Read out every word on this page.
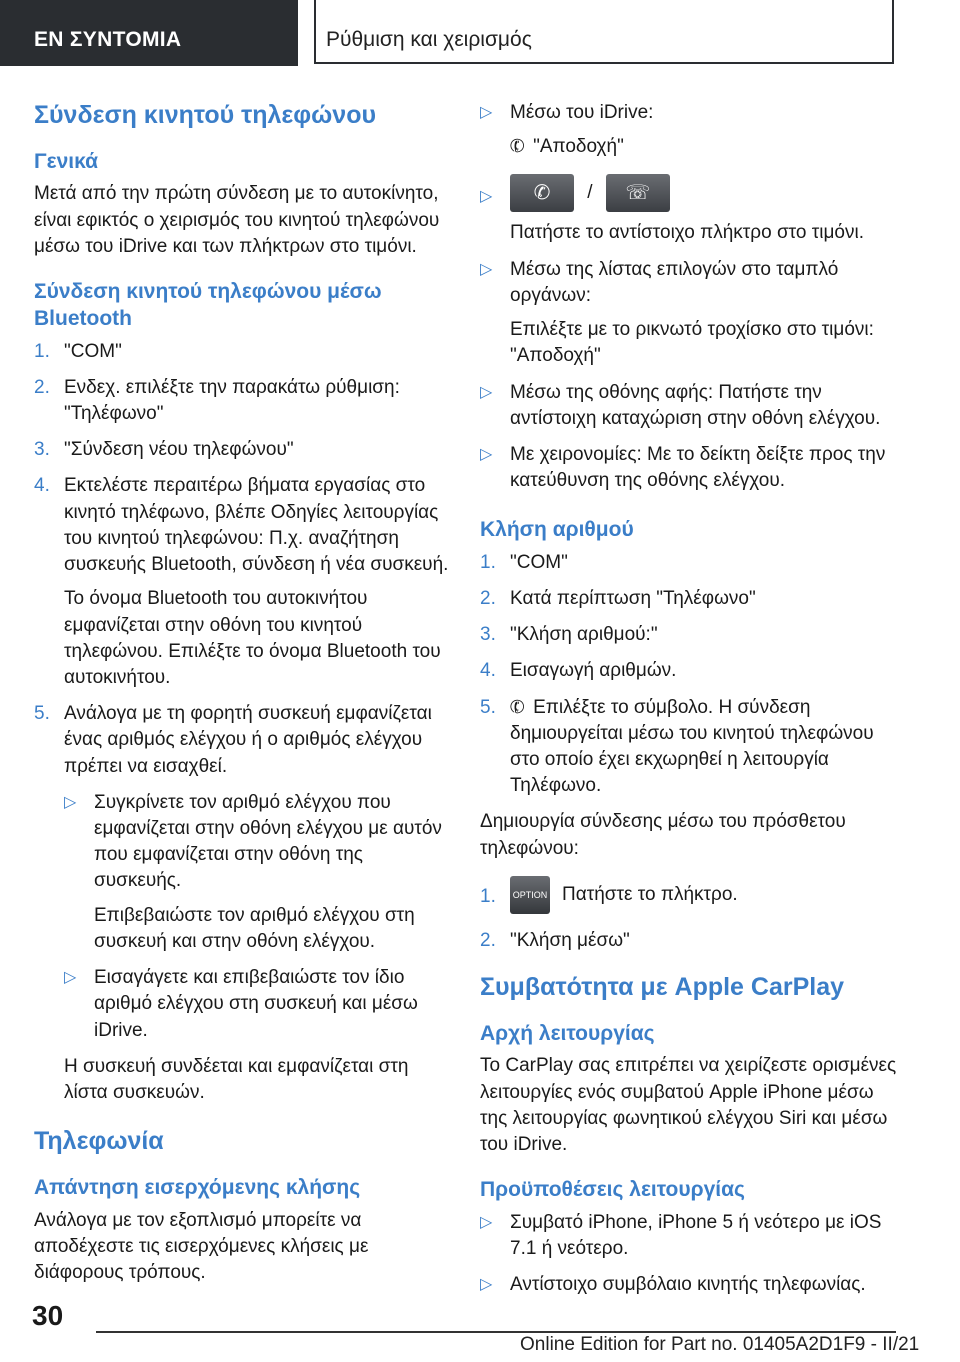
ΕΝ ΣΥΝΤΟΜΙΑ	Ρύθμιση και χειρισμός
Σύνδεση κινητού τηλεφώνου
Γενικά

Μετά από την πρώτη σύνδεση με το αυτοκίνητο, είναι εφικτός ο χειρισμός του κινητού τηλεφώνου μέσω του iDrive και των πλήκτρων στο τιμόνι.

Σύνδεση κινητού τηλεφώνου μέσω Bluetooth
1. "COM"
2. Ενδεχ. επιλέξτε την παρακάτω ρύθμιση: "Τηλέφωνο"
3. "Σύνδεση νέου τηλεφώνου"
4. Εκτελέστε περαιτέρω βήματα εργασίας στο κινητό τηλέφωνο, βλέπε Οδηγίες λειτουργίας του κινητού τηλεφώνου: Π.χ. αναζήτηση συσκευής Bluetooth, σύνδεση ή νέα συσκευή.
Το όνομα Bluetooth του αυτοκινήτου εμφανίζεται στην οθόνη του κινητού τηλεφώνου. Επιλέξτε το όνομα Bluetooth του αυτοκινήτου.
5. Ανάλογα με τη φορητή συσκευή εμφανίζεται ένας αριθμός ελέγχου ή ο αριθμός ελέγχου πρέπει να εισαχθεί.
▷ Συγκρίνετε τον αριθμό ελέγχου που εμφανίζεται στην οθόνη ελέγχου με αυτόν που εμφανίζεται στην οθόνη της συσκευής.
Επιβεβαιώστε τον αριθμό ελέγχου στη συσκευή και στην οθόνη ελέγχου.
▷ Εισαγάγετε και επιβεβαιώστε τον ίδιο αριθμό ελέγχου στη συσκευή και μέσω iDrive.
Η συσκευή συνδέεται και εμφανίζεται στη λίστα συσκευών.
Τηλεφωνία
Απάντηση εισερχόμενης κλήσης

Ανάλογα με τον εξοπλισμό μπορείτε να αποδέχεστε τις εισερχόμενες κλήσεις με διάφορους τρόπους.

▷ Μέσω του iDrive:
✆ "Αποδοχή"
▷ ✆ / ☏
Πατήστε το αντίστοιχο πλήκτρο στο τιμόνι.
▷ Μέσω της λίστας επιλογών στο ταμπλό οργάνων:
Επιλέξτε με το ρικνωτό τροχίσκο στο τιμόνι: "Αποδοχή"
▷ Μέσω της οθόνης αφής: Πατήστε την αντίστοιχη καταχώριση στην οθόνη ελέγχου.
▷ Με χειρονομίες: Με το δείκτη δείξτε προς την κατεύθυνση της οθόνης ελέγχου.
Κλήση αριθμού
1. "COM"
2. Κατά περίπτωση "Τηλέφωνο"
3. "Κλήση αριθμού:"
4. Εισαγωγή αριθμών.
5. ✆ Επιλέξτε το σύμβολο. Η σύνδεση δημιουργείται μέσω του κινητού τηλεφώνου στο οποίο έχει εκχωρηθεί η λειτουργία Τηλέφωνο.

Δημιουργία σύνδεσης μέσω του πρόσθετου τηλεφώνου:

1. OPTION Πατήστε το πλήκτρο.
2. "Κλήση μέσω"
Συμβατότητα με Apple CarPlay
Αρχή λειτουργίας

Το CarPlay σας επιτρέπει να χειρίζεστε ορισμένες λειτουργίες ενός συμβατού Apple iPhone μέσω της λειτουργίας φωνητικού ελέγχου Siri και μέσω του iDrive.

Προϋποθέσεις λειτουργίας
▷ Συμβατό iPhone, iPhone 5 ή νεότερο με iOS 7.1 ή νεότερο.
▷ Αντίστοιχο συμβόλαιο κινητής τηλεφωνίας.
30
Online Edition for Part no. 01405A2D1F9 - II/21
